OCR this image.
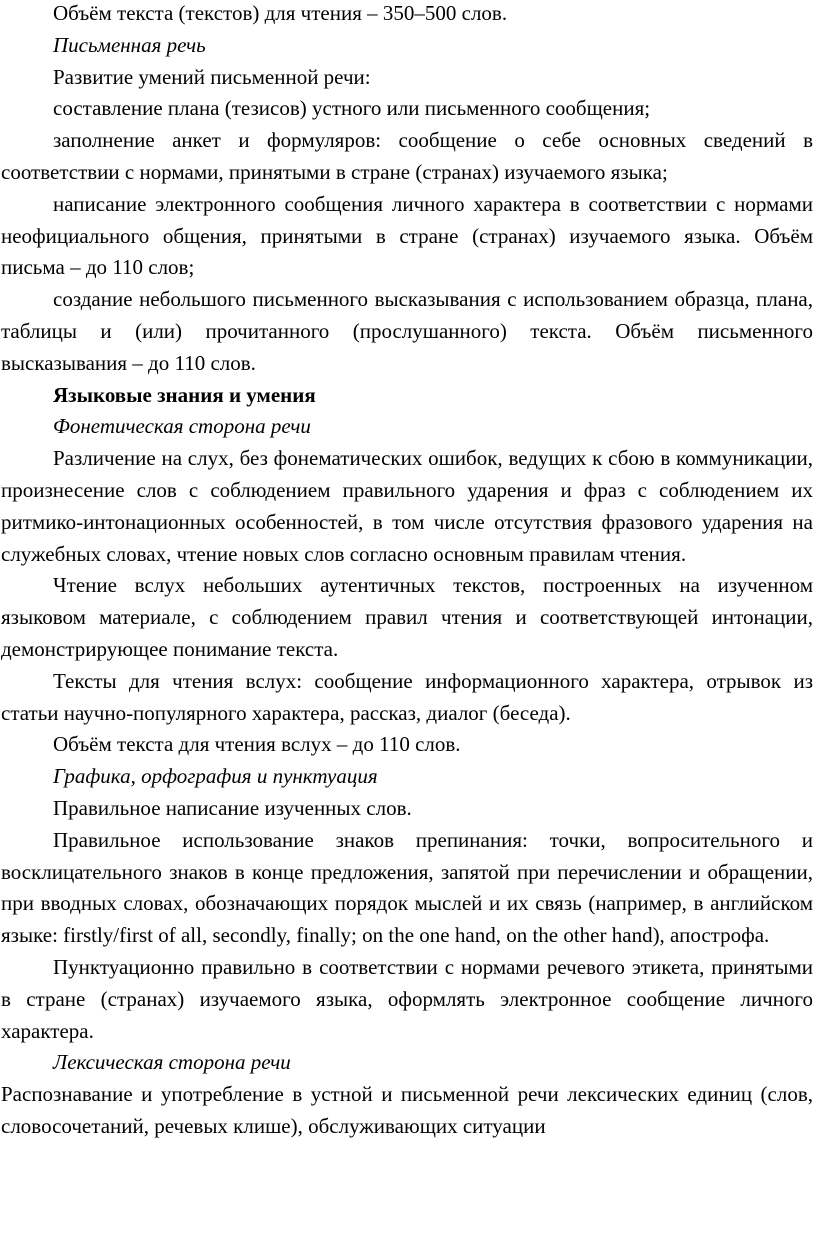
Объём текста (текстов) для чтения – 350–500 слов.

Письменная речь

Развитие умений письменной речи:

составление плана (тезисов) устного или письменного сообщения;

заполнение анкет и формуляров: сообщение о себе основных сведений в соответствии с нормами, принятыми в стране (странах) изучаемого языка;

написание электронного сообщения личного характера в соответствии с нормами неофициального общения, принятыми в стране (странах) изучаемого языка. Объём письма – до 110 слов;

создание небольшого письменного высказывания с использованием образца, плана, таблицы и (или) прочитанного (прослушанного) текста. Объём письменного высказывания – до 110 слов.

Языковые знания и умения

Фонетическая сторона речи

Различение на слух, без фонематических ошибок, ведущих к сбою в коммуникации, произнесение слов с соблюдением правильного ударения и фраз с соблюдением их ритмико-интонационных особенностей, в том числе отсутствия фразового ударения на служебных словах, чтение новых слов согласно основным правилам чтения.

Чтение вслух небольших аутентичных текстов, построенных на изученном языковом материале, с соблюдением правил чтения и соответствующей интонации, демонстрирующее понимание текста.

Тексты для чтения вслух: сообщение информационного характера, отрывок из статьи научно-популярного характера, рассказ, диалог (беседа).

Объём текста для чтения вслух – до 110 слов.

Графика, орфография и пунктуация

Правильное написание изученных слов.

Правильное использование знаков препинания: точки, вопросительного и восклицательного знаков в конце предложения, запятой при перечислении и обращении, при вводных словах, обозначающих порядок мыслей и их связь (например, в английском языке: firstly/first of all, secondly, finally; on the one hand, on the other hand), апострофа.

Пунктуационно правильно в соответствии с нормами речевого этикета, принятыми в стране (странах) изучаемого языка, оформлять электронное сообщение личного характера.

Лексическая сторона речи

Распознавание и употребление в устной и письменной речи лексических единиц (слов, словосочетаний, речевых клише), обслуживающих ситуации
